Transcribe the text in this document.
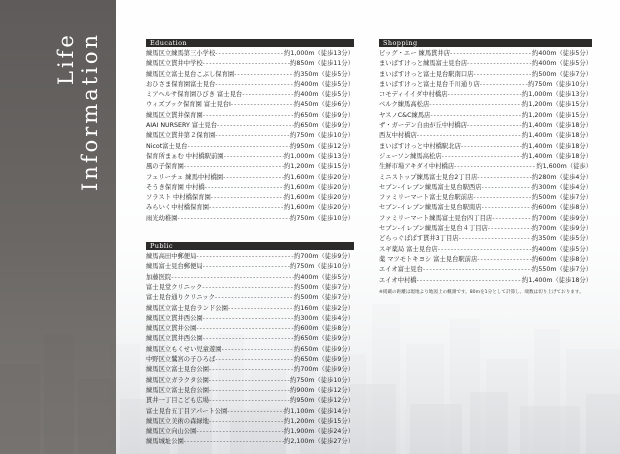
Life Information	Education
練馬区立練馬第三小学校 - - -	約1,000m（徒歩13分）
練馬区立貫井中学校 - - -	約850m（徒歩11分）
練馬区立富士見台こぶし保育園 - - -	約350m（徒歩5分）
おひさま保育園富士見台 - - -	約400m（徒歩5分）
ミアヘルサ保育園ひびき 富士見台 - - -	約400m（徒歩5分）
ウィズブック保育園 富士見台Ⅰ - - -	約450m（徒歩6分）
練馬区立貫井保育園 - - -	約650m（徒歩9分）
AIAI NURSERY 富士見台 - - -	約650m（徒歩9分）
練馬区立貫井第２保育園 - - -	約750m（徒歩10分）
Nicot富士見台 - - -	約950m（徒歩12分）
保育所まぁむ 中村橋駅前園 - - -	約1,000m（徒歩13分）
風の子保育園 - - -	約1,200m（徒歩15分）
フェリーチェ 練馬中村橋園 - - -	約1,600m（徒歩20分）
そうき保育園 中村橋 - - -	約1,600m（徒歩20分）
ソラスト 中村橋保育園 - - -	約1,600m（徒歩20分）
みらいく中村橋保育園 - - -	約1,600m（徒歩20分）
雨光幼稚園 - - -	約750m（徒歩10分）
Public
練馬高田中郵便局 - - -	約700m（徒歩9分）
練馬富士見台郵便局 - - -	約750m（徒歩10分）
加藤医院 - - -	約400m（徒歩5分）
富士見堂クリニック - - -	約500m（徒歩7分）
富士見台通りクリニック - - -	約500m（徒歩7分）
練馬区立富士見台ランド公園 - - -	約160m（徒歩2分）
練馬区立貫井西公園 - - -	約300m（徒歩4分）
練馬区立貫井公園 - - -	約600m（徒歩8分）
練馬区立貫井西公園 - - -	約650m（徒歩9分）
練馬区立もくせい児童遊園 - - -	約650m（徒歩9分）
中野区立鷺宮の子ひろば - - -	約650m（徒歩9分）
練馬区立富士見台公園 - - -	約700m（徒歩9分）
練馬区立ガラクタ公園 - - -	約750m（徒歩10分）
練馬区立富士見台公園 - - -	約900m（徒歩12分）
貫井一丁目こども広場 - - -	約950m（徒歩12分）
富士見台五丁目アパート公園 - - -	約1,100m（徒歩14分）
練馬区立美術の森緑地 - - -	約1,200m（徒歩15分）
練馬区立向山公園 - - -	約1,900m（徒歩24分）
練馬城址公園 - - -	約2,100m（徒歩27分）
Shopping
ビッグ・エー 練馬貫井店 - - -	約400m（徒歩5分）
まいばすけっと練馬富士見台店 - - -	約400m（徒歩5分）
まいばすけっと富士見台駅南口店 - - -	約500m（徒歩7分）
まいばすけっと富士見台千川通り店 - - -	約750m（徒歩10分）
コモディイイダ中村橋店 - - -	約1,000m（徒歩13分）
ベルク練馬高松店 - - -	約1,200m（徒歩15分）
ヤスノC&C練馬店 - - -	約1,200m（徒歩15分）
ザ・ガーデン自由が丘中村橋店 - - -	約1,400m（徒歩18分）
西友中村橋店 - - -	約1,400m（徒歩18分）
まいばすけっと中村橋駅北店 - - -	約1,400m（徒歩18分）
ジェーソン練馬高松店 - - -	約1,400m（徒歩18分）
生鮮市場アキダイ中村橋店 - - -	約1,600m（徒歩）
ミニストップ練馬富士見台2丁目店 - - -	約280m（徒歩4分）
セブン-イレブン練馬富士見台駅西店 - - -	約300m（徒歩4分）
ファミリーマート富士見台駅前店 - - -	約500m（徒歩7分）
セブン-イレブン練馬富士見台駅南店 - - -	約600m（徒歩8分）
ファミリーマート練馬富士見台四丁目店 - - -	約700m（徒歩9分）
セブン-イレブン練馬富士見台４丁目店 - - -	約700m（徒歩9分）
どらっぐぱぱす貫井3丁目店 - - -	約350m（徒歩5分）
スギ薬局 富士見台店 - - -	約400m（徒歩5分）
薬 マツモトキヨシ 富士見台駅前店 - - -	約600m（徒歩8分）
エイオ富士見台 - - -	約550m（徒歩7分）
エイオ中村橋 - - -	約1,400m（徒歩18分）
※掲載の距離は現地より地図上の概測です。80mを1分として計算し、端数は切り上げております。
